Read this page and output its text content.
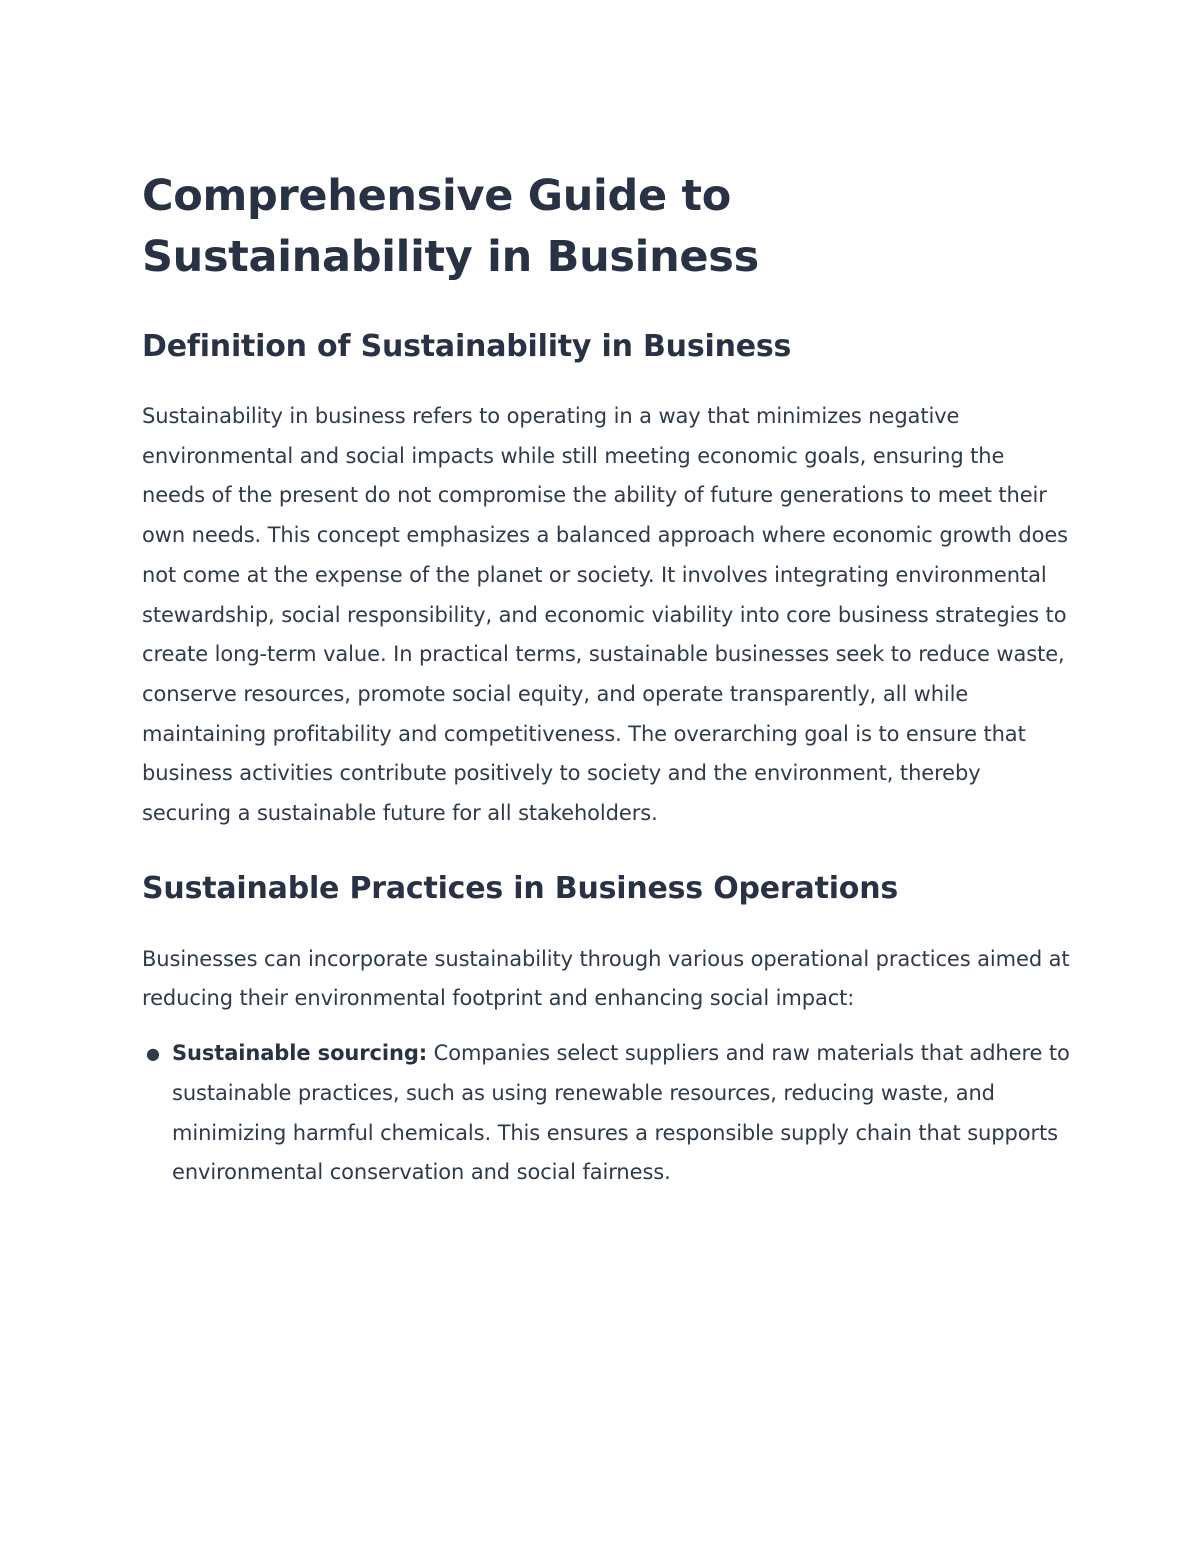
Comprehensive Guide to Sustainability in Business
Definition of Sustainability in Business

Sustainability in business refers to operating in a way that minimizes negative environmental and social impacts while still meeting economic goals, ensuring the needs of the present do not compromise the ability of future generations to meet their own needs. This concept emphasizes a balanced approach where economic growth does not come at the expense of the planet or society. It involves integrating environmental stewardship, social responsibility, and economic viability into core business strategies to create long-term value. In practical terms, sustainable businesses seek to reduce waste, conserve resources, promote social equity, and operate transparently, all while maintaining profitability and competitiveness. The overarching goal is to ensure that business activities contribute positively to society and the environment, thereby securing a sustainable future for all stakeholders.

Sustainable Practices in Business Operations

Businesses can incorporate sustainability through various operational practices aimed at reducing their environmental footprint and enhancing social impact:

● Sustainable sourcing: Companies select suppliers and raw materials that adhere to sustainable practices, such as using renewable resources, reducing waste, and minimizing harmful chemicals. This ensures a responsible supply chain that supports environmental conservation and social fairness.
